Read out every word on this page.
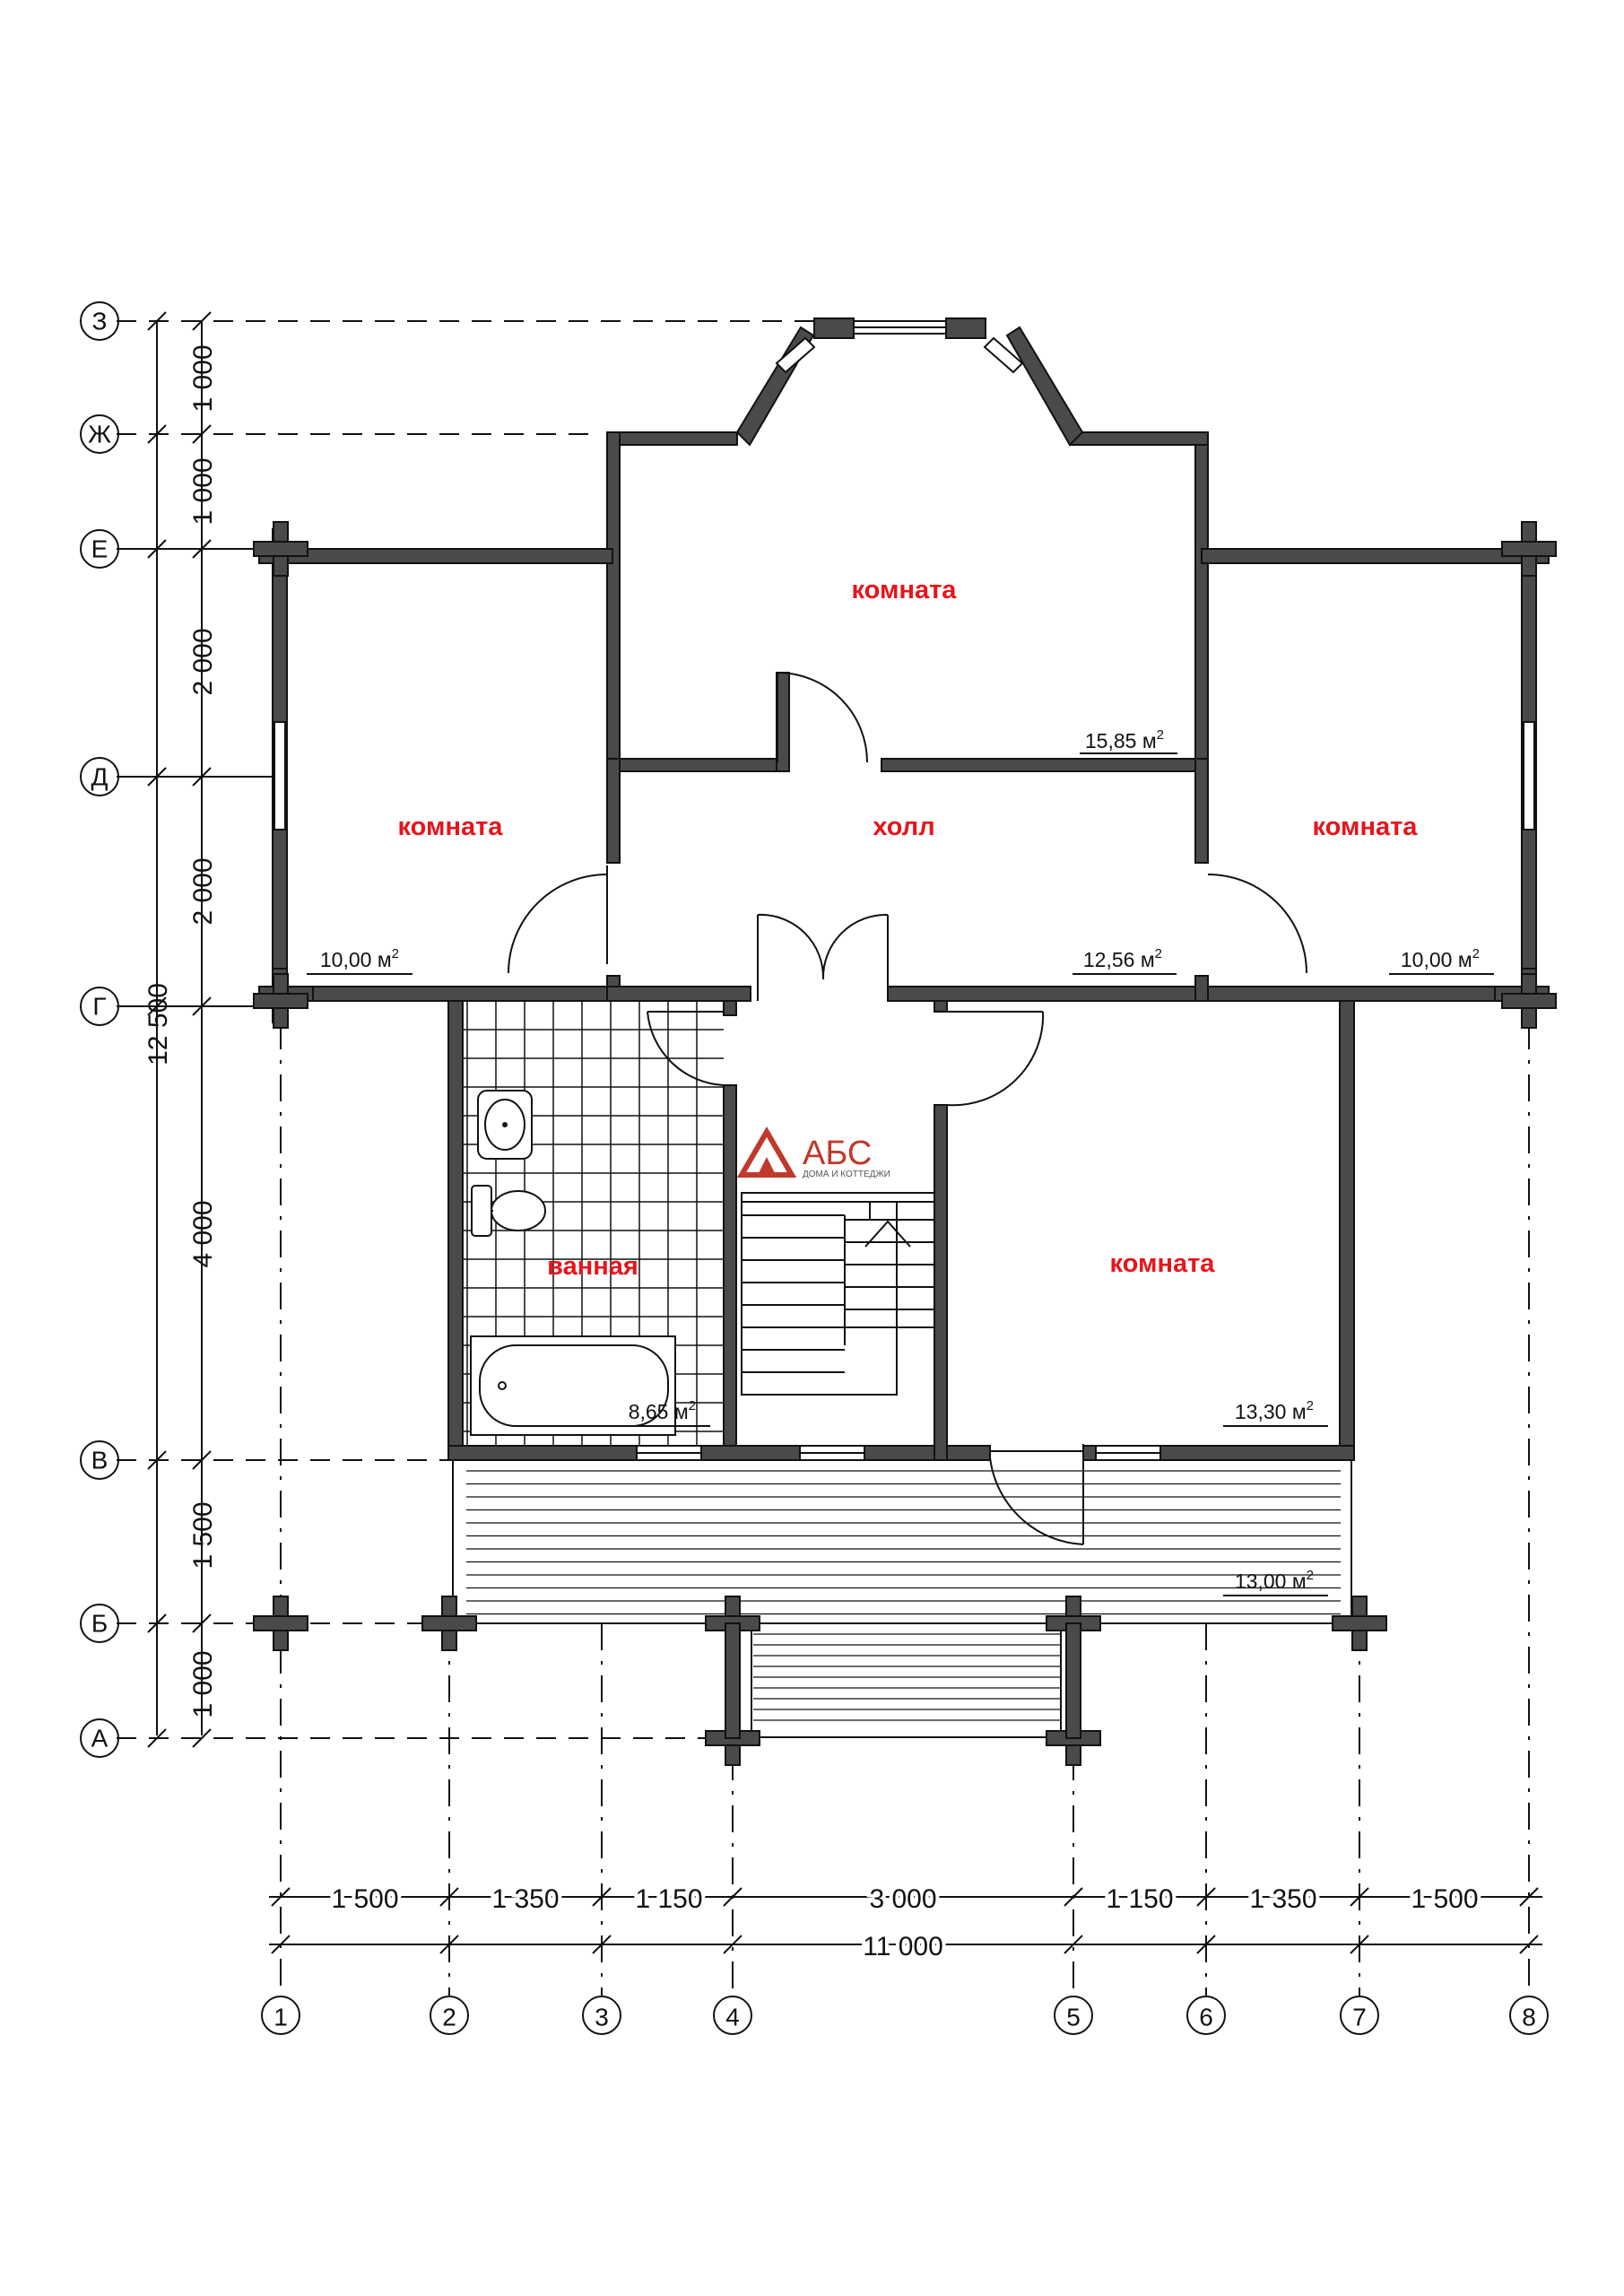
12 500
1 000
1 000
2 000
2 000
4 000
1 500
1 000
З
Ж
Е
Д
Г
В
Б
А
1 500	1 350	1 150	3 000	1 150	1 350	1 500
11 000
1	2	3	4	5	6	7	8
АБС
ДОМА И КОТТЕДЖИ
комната
комната	холл	комната
ванная	комната
15,85 $м^2$
10,00 $м^2$	12,56 $м^2$	10,00 $м^2$
8,65 $м^2$	13,30 $м^2$
13,00 $м^2$
